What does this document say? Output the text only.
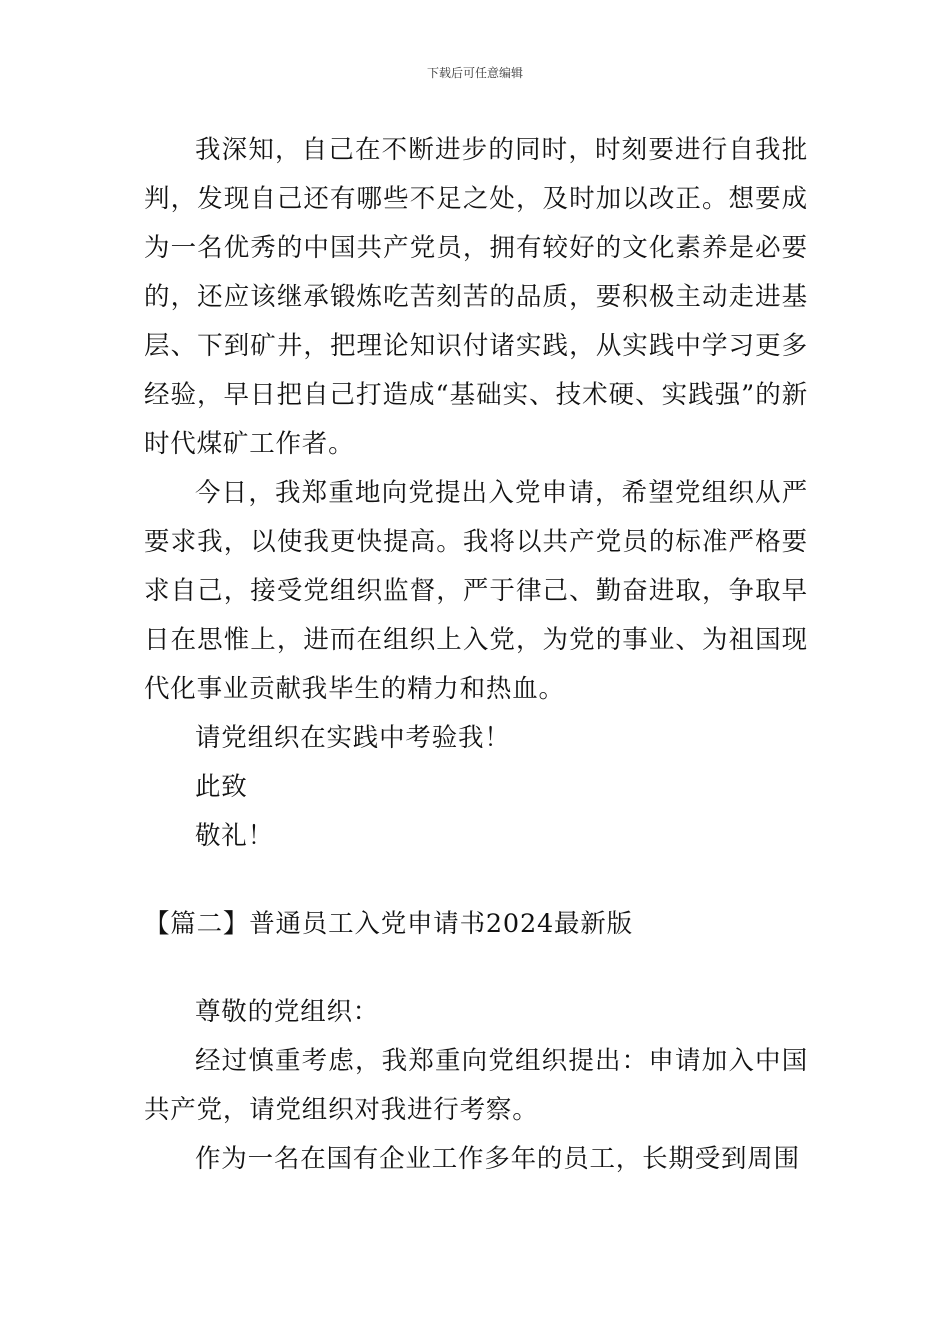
下载后可任意编辑

我深知，自己在不断进步的同时，时刻要进行自我批判，发现自己还有哪些不足之处，及时加以改正。想要成为一名优秀的中国共产党员，拥有较好的文化素养是必要的，还应该继承锻炼吃苦刻苦的品质，要积极主动走进基层、下到矿井，把理论知识付诸实践，从实践中学习更多经验，早日把自己打造成“基础实、技术硬、实践强”的新时代煤矿工作者。

今日，我郑重地向党提出入党申请，希望党组织从严要求我，以使我更快提高。我将以共产党员的标准严格要求自己，接受党组织监督，严于律己、勤奋进取，争取早日在思惟上，进而在组织上入党，为党的事业、为祖国现代化事业贡献我毕生的精力和热血。

请党组织在实践中考验我！

此致

敬礼！

【篇二】普通员工入党申请书2024最新版

尊敬的党组织：

经过慎重考虑，我郑重向党组织提出：申请加入中国共产党，请党组织对我进行考察。

作为一名在国有企业工作多年的员工，长期受到周围
